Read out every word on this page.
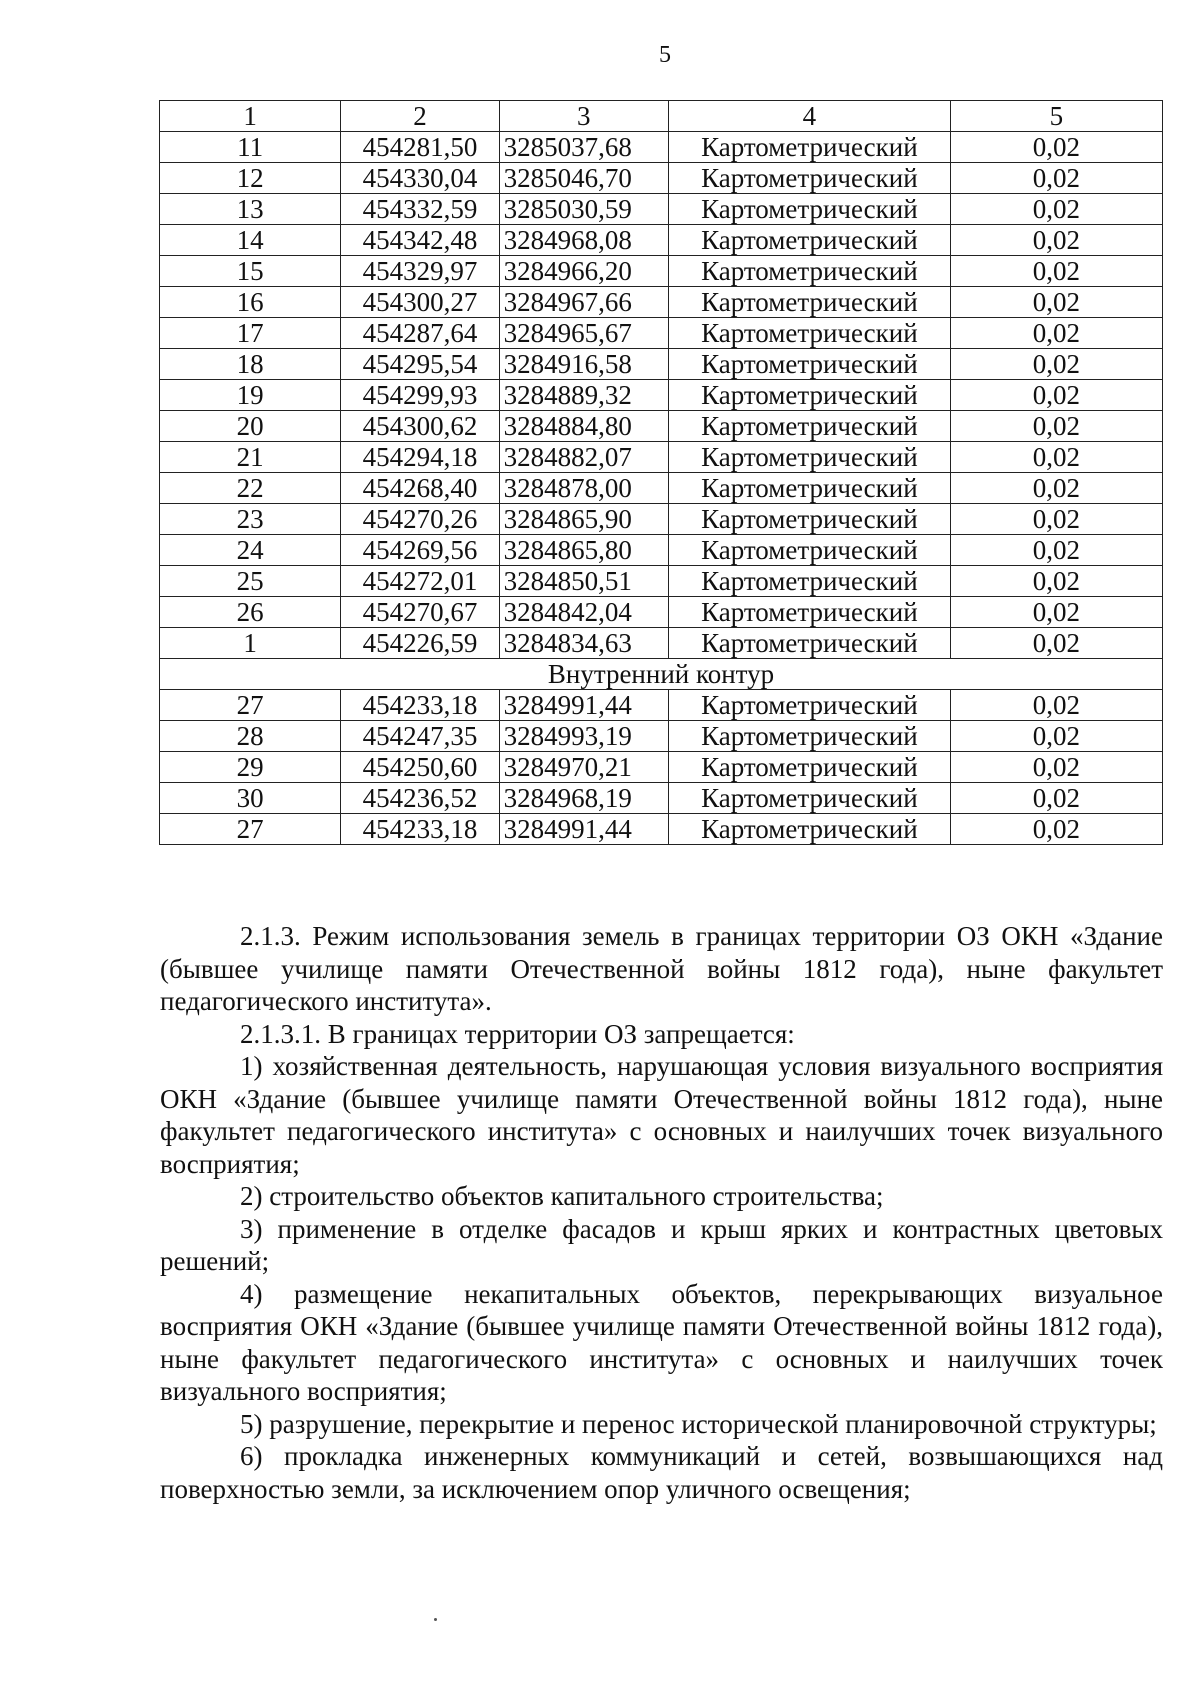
5
1	2	3	4	5
11	454281,50	3285037,68	Картометрический	0,02
12	454330,04	3285046,70	Картометрический	0,02
13	454332,59	3285030,59	Картометрический	0,02
14	454342,48	3284968,08	Картометрический	0,02
15	454329,97	3284966,20	Картометрический	0,02
16	454300,27	3284967,66	Картометрический	0,02
17	454287,64	3284965,67	Картометрический	0,02
18	454295,54	3284916,58	Картометрический	0,02
19	454299,93	3284889,32	Картометрический	0,02
20	454300,62	3284884,80	Картометрический	0,02
21	454294,18	3284882,07	Картометрический	0,02
22	454268,40	3284878,00	Картометрический	0,02
23	454270,26	3284865,90	Картометрический	0,02
24	454269,56	3284865,80	Картометрический	0,02
25	454272,01	3284850,51	Картометрический	0,02
26	454270,67	3284842,04	Картометрический	0,02
1	454226,59	3284834,63	Картометрический	0,02
Внутренний контур				
27	454233,18	3284991,44	Картометрический	0,02
28	454247,35	3284993,19	Картометрический	0,02
29	454250,60	3284970,21	Картометрический	0,02
30	454236,52	3284968,19	Картометрический	0,02
27	454233,18	3284991,44	Картометрический	0,02

2.1.3. Режим использования земель в границах территории ОЗ ОКН «Здание (бывшее училище памяти Отечественной войны 1812 года), ныне факультет педагогического института».

2.1.3.1. В границах территории ОЗ запрещается:

1) хозяйственная деятельность, нарушающая условия визуального восприятия ОКН «Здание (бывшее училище памяти Отечественной войны 1812 года), ныне факультет педагогического института» с основных и наилучших точек визуального восприятия;

2) строительство объектов капитального строительства;

3) применение в отделке фасадов и крыш ярких и контрастных цветовых решений;

4) размещение некапитальных объектов, перекрывающих визуальное восприятия ОКН «Здание (бывшее училище памяти Отечественной войны 1812 года), ныне факультет педагогического института» с основных и наилучших точек визуального восприятия;

5) разрушение, перекрытие и перенос исторической планировочной структуры;

6) прокладка инженерных коммуникаций и сетей, возвышающихся над поверхностью земли, за исключением опор уличного освещения;
